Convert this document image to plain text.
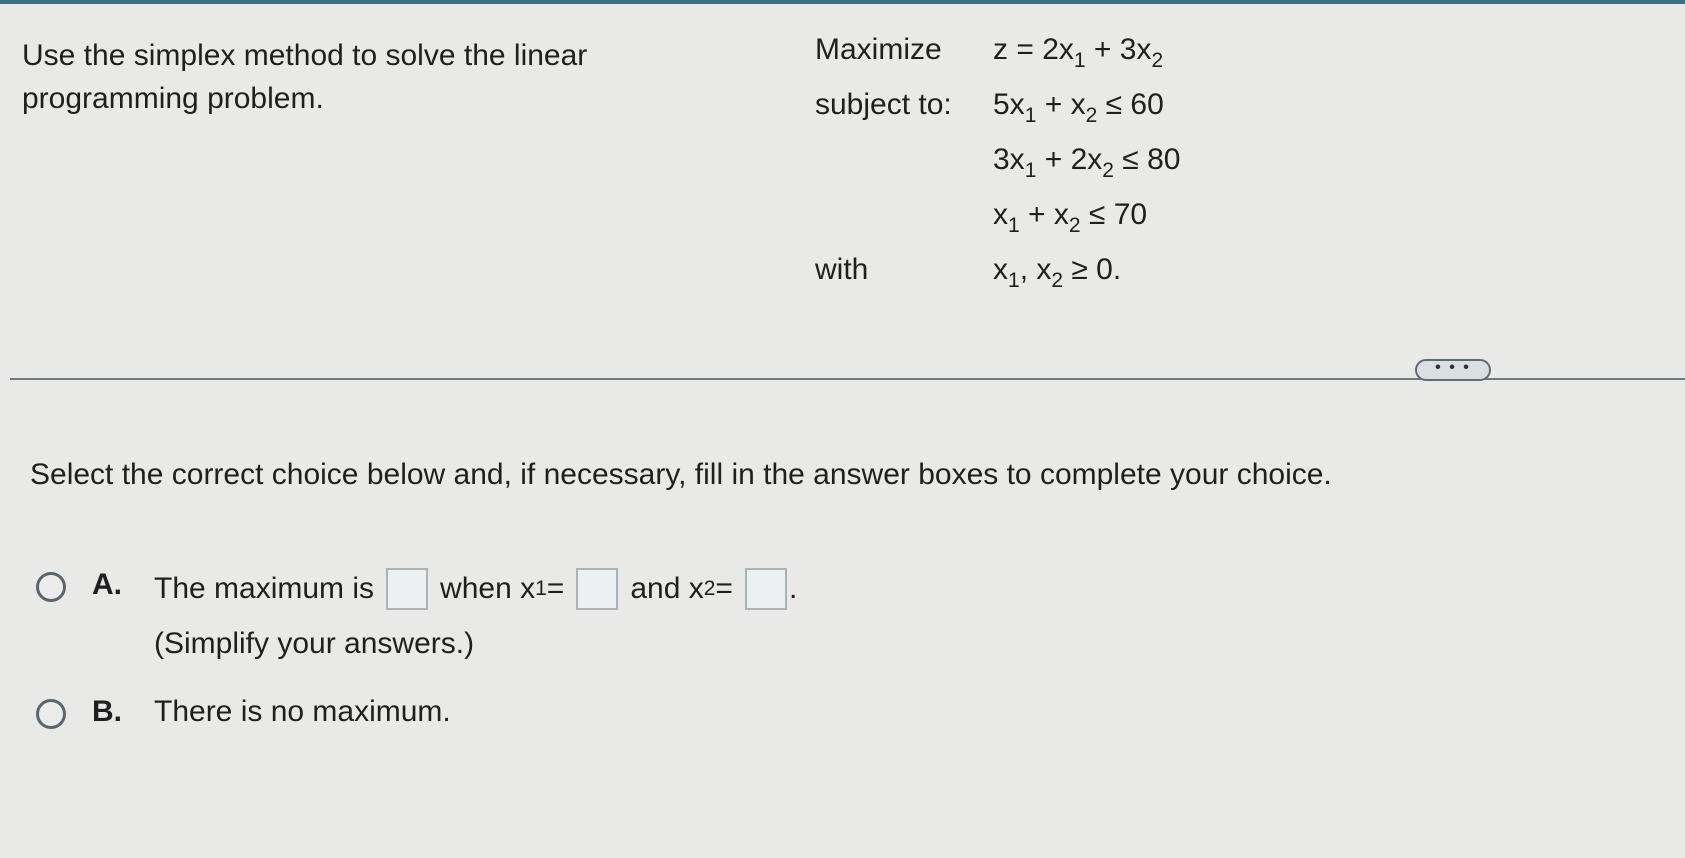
Use the simplex method to solve the linear programming problem.
Maximize	$z = 2x_1 + 3x_2$
subject to:	$5x_1 + x_2 \le 60$
$3x_1 + 2x_2 \le 80$
$x_1 + x_2 \le 70$
with	$x_1$, $x_2 \ge 0$.
• • •
Select the correct choice below and, if necessary, fill in the answer boxes to complete your choice.
A. The maximum is when x 1 = and x 2 = .
(Simplify your answers.)
B. There is no maximum.
